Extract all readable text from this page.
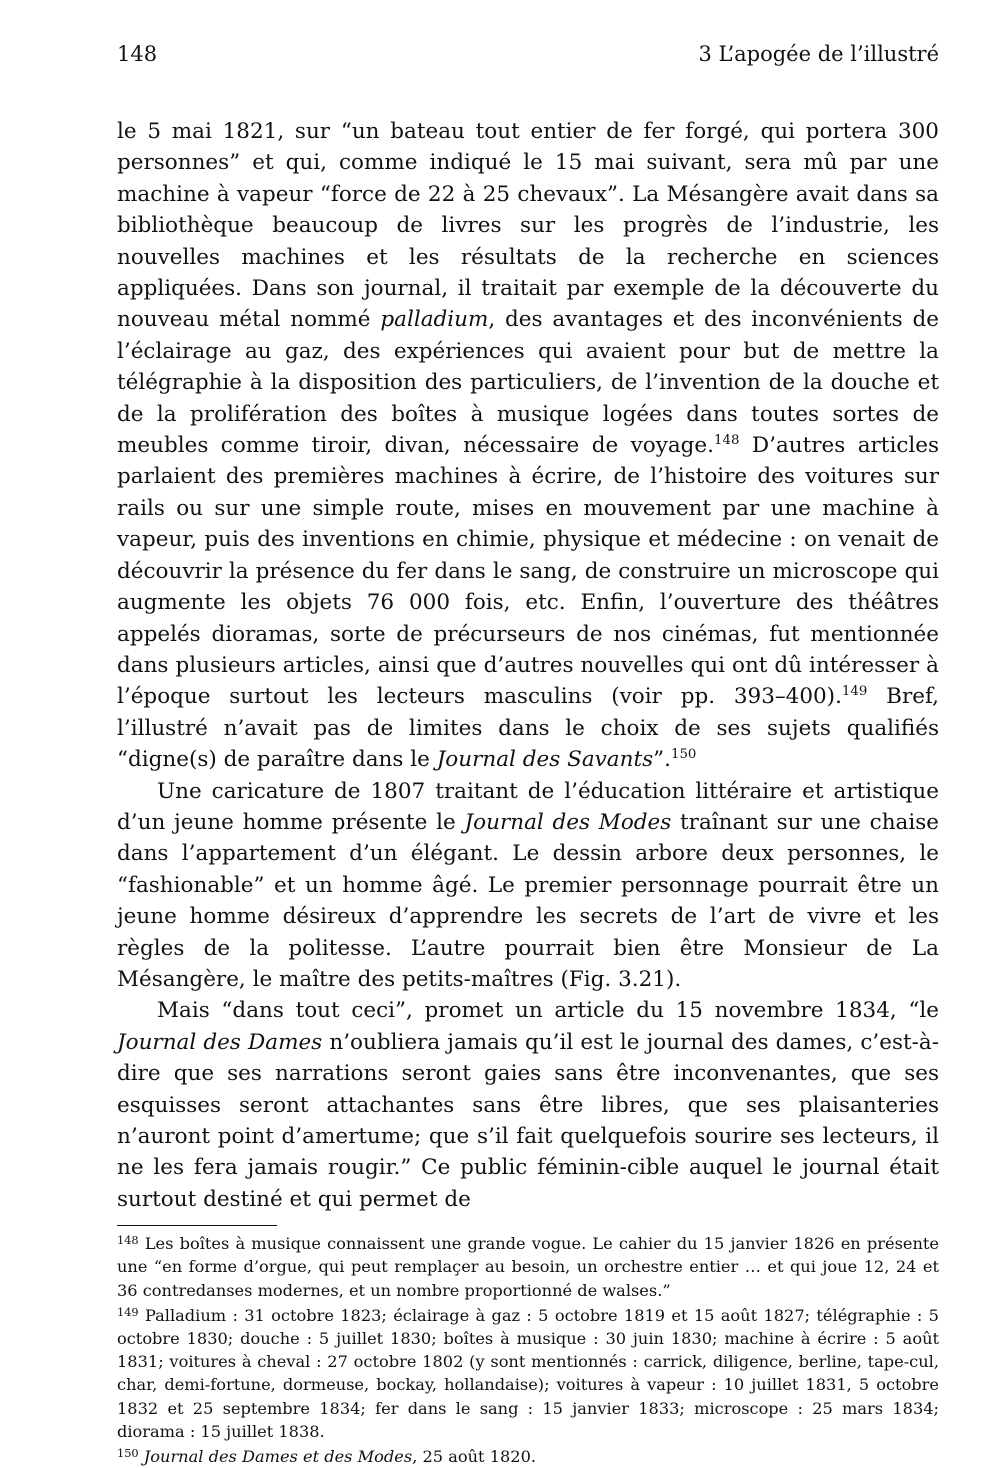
148	3 L’apogée de l’illustré

le 5 mai 1821, sur “un bateau tout entier de fer forgé, qui portera 300 personnes” et qui, comme indiqué le 15 mai suivant, sera mû par une machine à vapeur “force de 22 à 25 chevaux”. La Mésangère avait dans sa bibliothèque beaucoup de livres sur les progrès de l’industrie, les nouvelles machines et les résultats de la recherche en sciences appliquées. Dans son journal, il traitait par exemple de la découverte du nouveau métal nommé palladium, des avantages et des inconvénients de l’éclairage au gaz, des expériences qui avaient pour but de mettre la télégraphie à la disposition des particuliers, de l’invention de la douche et de la prolifération des boîtes à musique logées dans toutes sortes de meubles comme tiroir, divan, nécessaire de voyage.$^{148}$ D’autres articles parlaient des premières machines à écrire, de l’histoire des voitures sur rails ou sur une simple route, mises en mouvement par une machine à vapeur, puis des inventions en chimie, physique et médecine : on venait de découvrir la présence du fer dans le sang, de construire un microscope qui augmente les objets 76 000 fois, etc. Enfin, l’ouverture des théâtres appelés dioramas, sorte de précurseurs de nos cinémas, fut mentionnée dans plusieurs articles, ainsi que d’autres nouvelles qui ont dû intéresser à l’époque surtout les lecteurs masculins (voir pp. 393–400).$^{149}$ Bref, l’illustré n’avait pas de limites dans le choix de ses sujets qualifiés “digne(s) de paraître dans le Journal des Savants”.$^{150}$

Une caricature de 1807 traitant de l’éducation littéraire et artistique d’un jeune homme présente le Journal des Modes traînant sur une chaise dans l’appartement d’un élégant. Le dessin arbore deux personnes, le “fashionable” et un homme âgé. Le premier personnage pourrait être un jeune homme désireux d’apprendre les secrets de l’art de vivre et les règles de la politesse. L’autre pourrait bien être Monsieur de La Mésangère, le maître des petits-maîtres (Fig. 3.21).

Mais “dans tout ceci”, promet un article du 15 novembre 1834, “le Journal des Dames n’oubliera jamais qu’il est le journal des dames, c’est-à-dire que ses narrations seront gaies sans être inconvenantes, que ses esquisses seront attachantes sans être libres, que ses plaisanteries n’auront point d’amertume; que s’il fait quelquefois sourire ses lecteurs, il ne les fera jamais rougir.” Ce public féminin-cible auquel le journal était surtout destiné et qui permet de

$^{148}$ Les boîtes à musique connaissent une grande vogue. Le cahier du 15 janvier 1826 en présente une “en forme d’orgue, qui peut remplaçer au besoin, un orchestre entier … et qui joue 12, 24 et 36 contredanses modernes, et un nombre proportionné de walses.”

$^{149}$ Palladium : 31 octobre 1823; éclairage à gaz : 5 octobre 1819 et 15 août 1827; télégraphie : 5 octobre 1830; douche : 5 juillet 1830; boîtes à musique : 30 juin 1830; machine à écrire : 5 août 1831; voitures à cheval : 27 octobre 1802 (y sont mentionnés : carrick, diligence, berline, tape-cul, char, demi-fortune, dormeuse, bockay, hollandaise); voitures à vapeur : 10 juillet 1831, 5 octobre 1832 et 25 septembre 1834; fer dans le sang : 15 janvier 1833; microscope : 25 mars 1834; diorama : 15 juillet 1838.

$^{150}$ Journal des Dames et des Modes, 25 août 1820.
